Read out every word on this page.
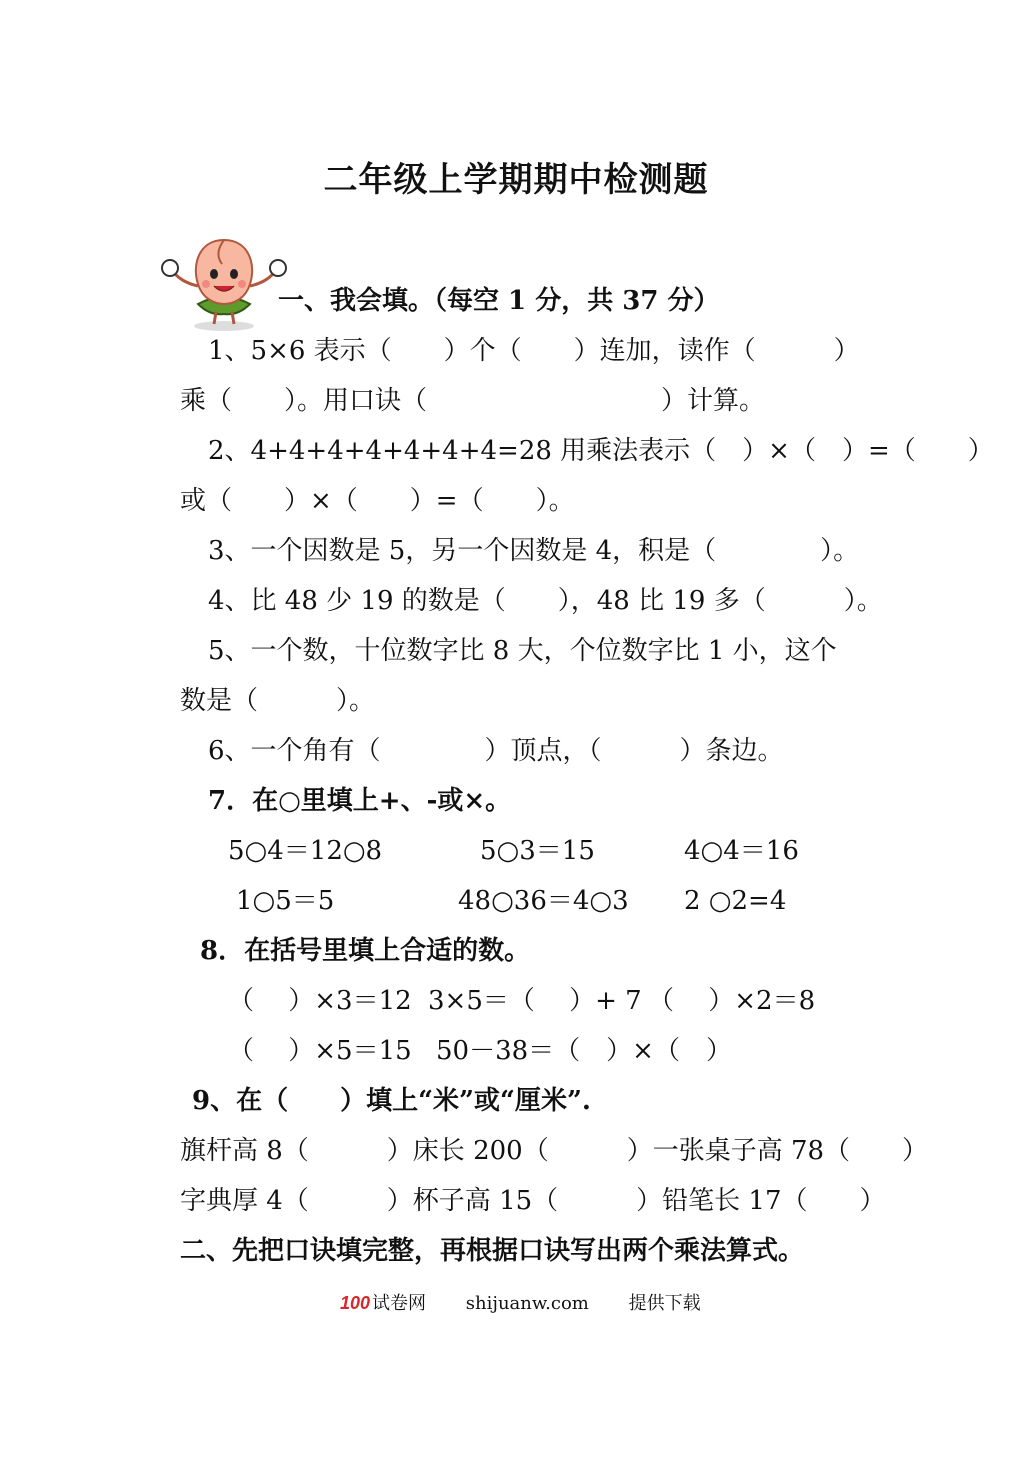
二年级上学期期中检测题
一、我会填。（每空 1 分，共 37 分）
1、5×6 表示（　　）个（　　）连加，读作（　　　）
乘（　　）。用口诀（　　　　　　　　　）计算。
2、4+4+4+4+4+4+4=28 用乘法表示（　）×（　）=（　　）
或（　　）×（　　）=（　　）。
3、一个因数是 5，另一个因数是 4，积是（　　　　）。
4、比 48 少 19 的数是（　　），48 比 19 多（　　　）。
5、一个数，十位数字比 8 大，个位数字比 1 小，这个
数是（　　　）。
6、一个角有（　　　　）顶点，（　　　）条边。
7．在○里填上+、-或×。
5○4＝12○8	5○3＝15	4○4＝16
1○5＝5	48○36＝4○3 2 ○2=4
8．在括号里填上合适的数。
（　 ）×3＝12 3×5＝（　 ）+ 7 （　 ）×2＝8
（　 ）×5＝15 50－38＝（　）×（　）
9、在（　　）填上“米”或“厘米”.
旗杆高 8（　　　）床长 200（　　　）一张桌子高 78（　　）
字典厚 4（　　　）杯子高 15（　　　）铅笔长 17（　　）
二、先把口诀填完整，再根据口诀写出两个乘法算式。
100 试卷网 shijuanw.com 提供下载
